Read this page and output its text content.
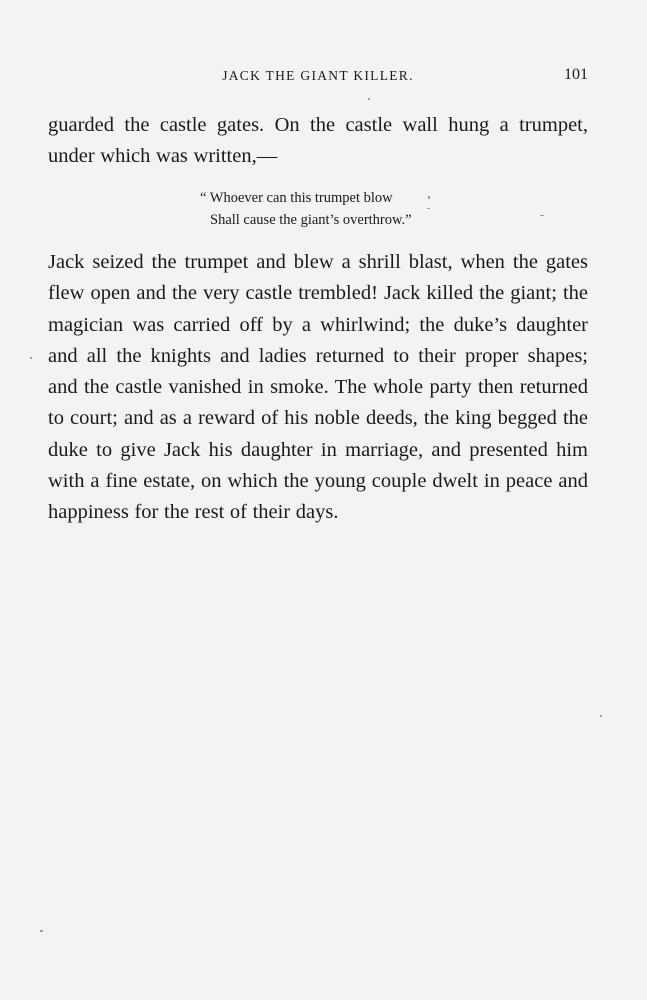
JACK THE GIANT KILLER.	101

guarded the castle gates. On the castle wall hung a trumpet, under which was written,—

“ Whoever can this trumpet blow
Shall cause the giant’s overthrow.”

Jack seized the trumpet and blew a shrill blast, when the gates flew open and the very castle trembled! Jack killed the giant; the magician was carried off by a whirlwind; the duke’s daughter and all the knights and ladies returned to their proper shapes; and the castle vanished in smoke. The whole party then returned to court; and as a reward of his noble deeds, the king begged the duke to give Jack his daughter in marriage, and presented him with a fine estate, on which the young couple dwelt in peace and happiness for the rest of their days.
